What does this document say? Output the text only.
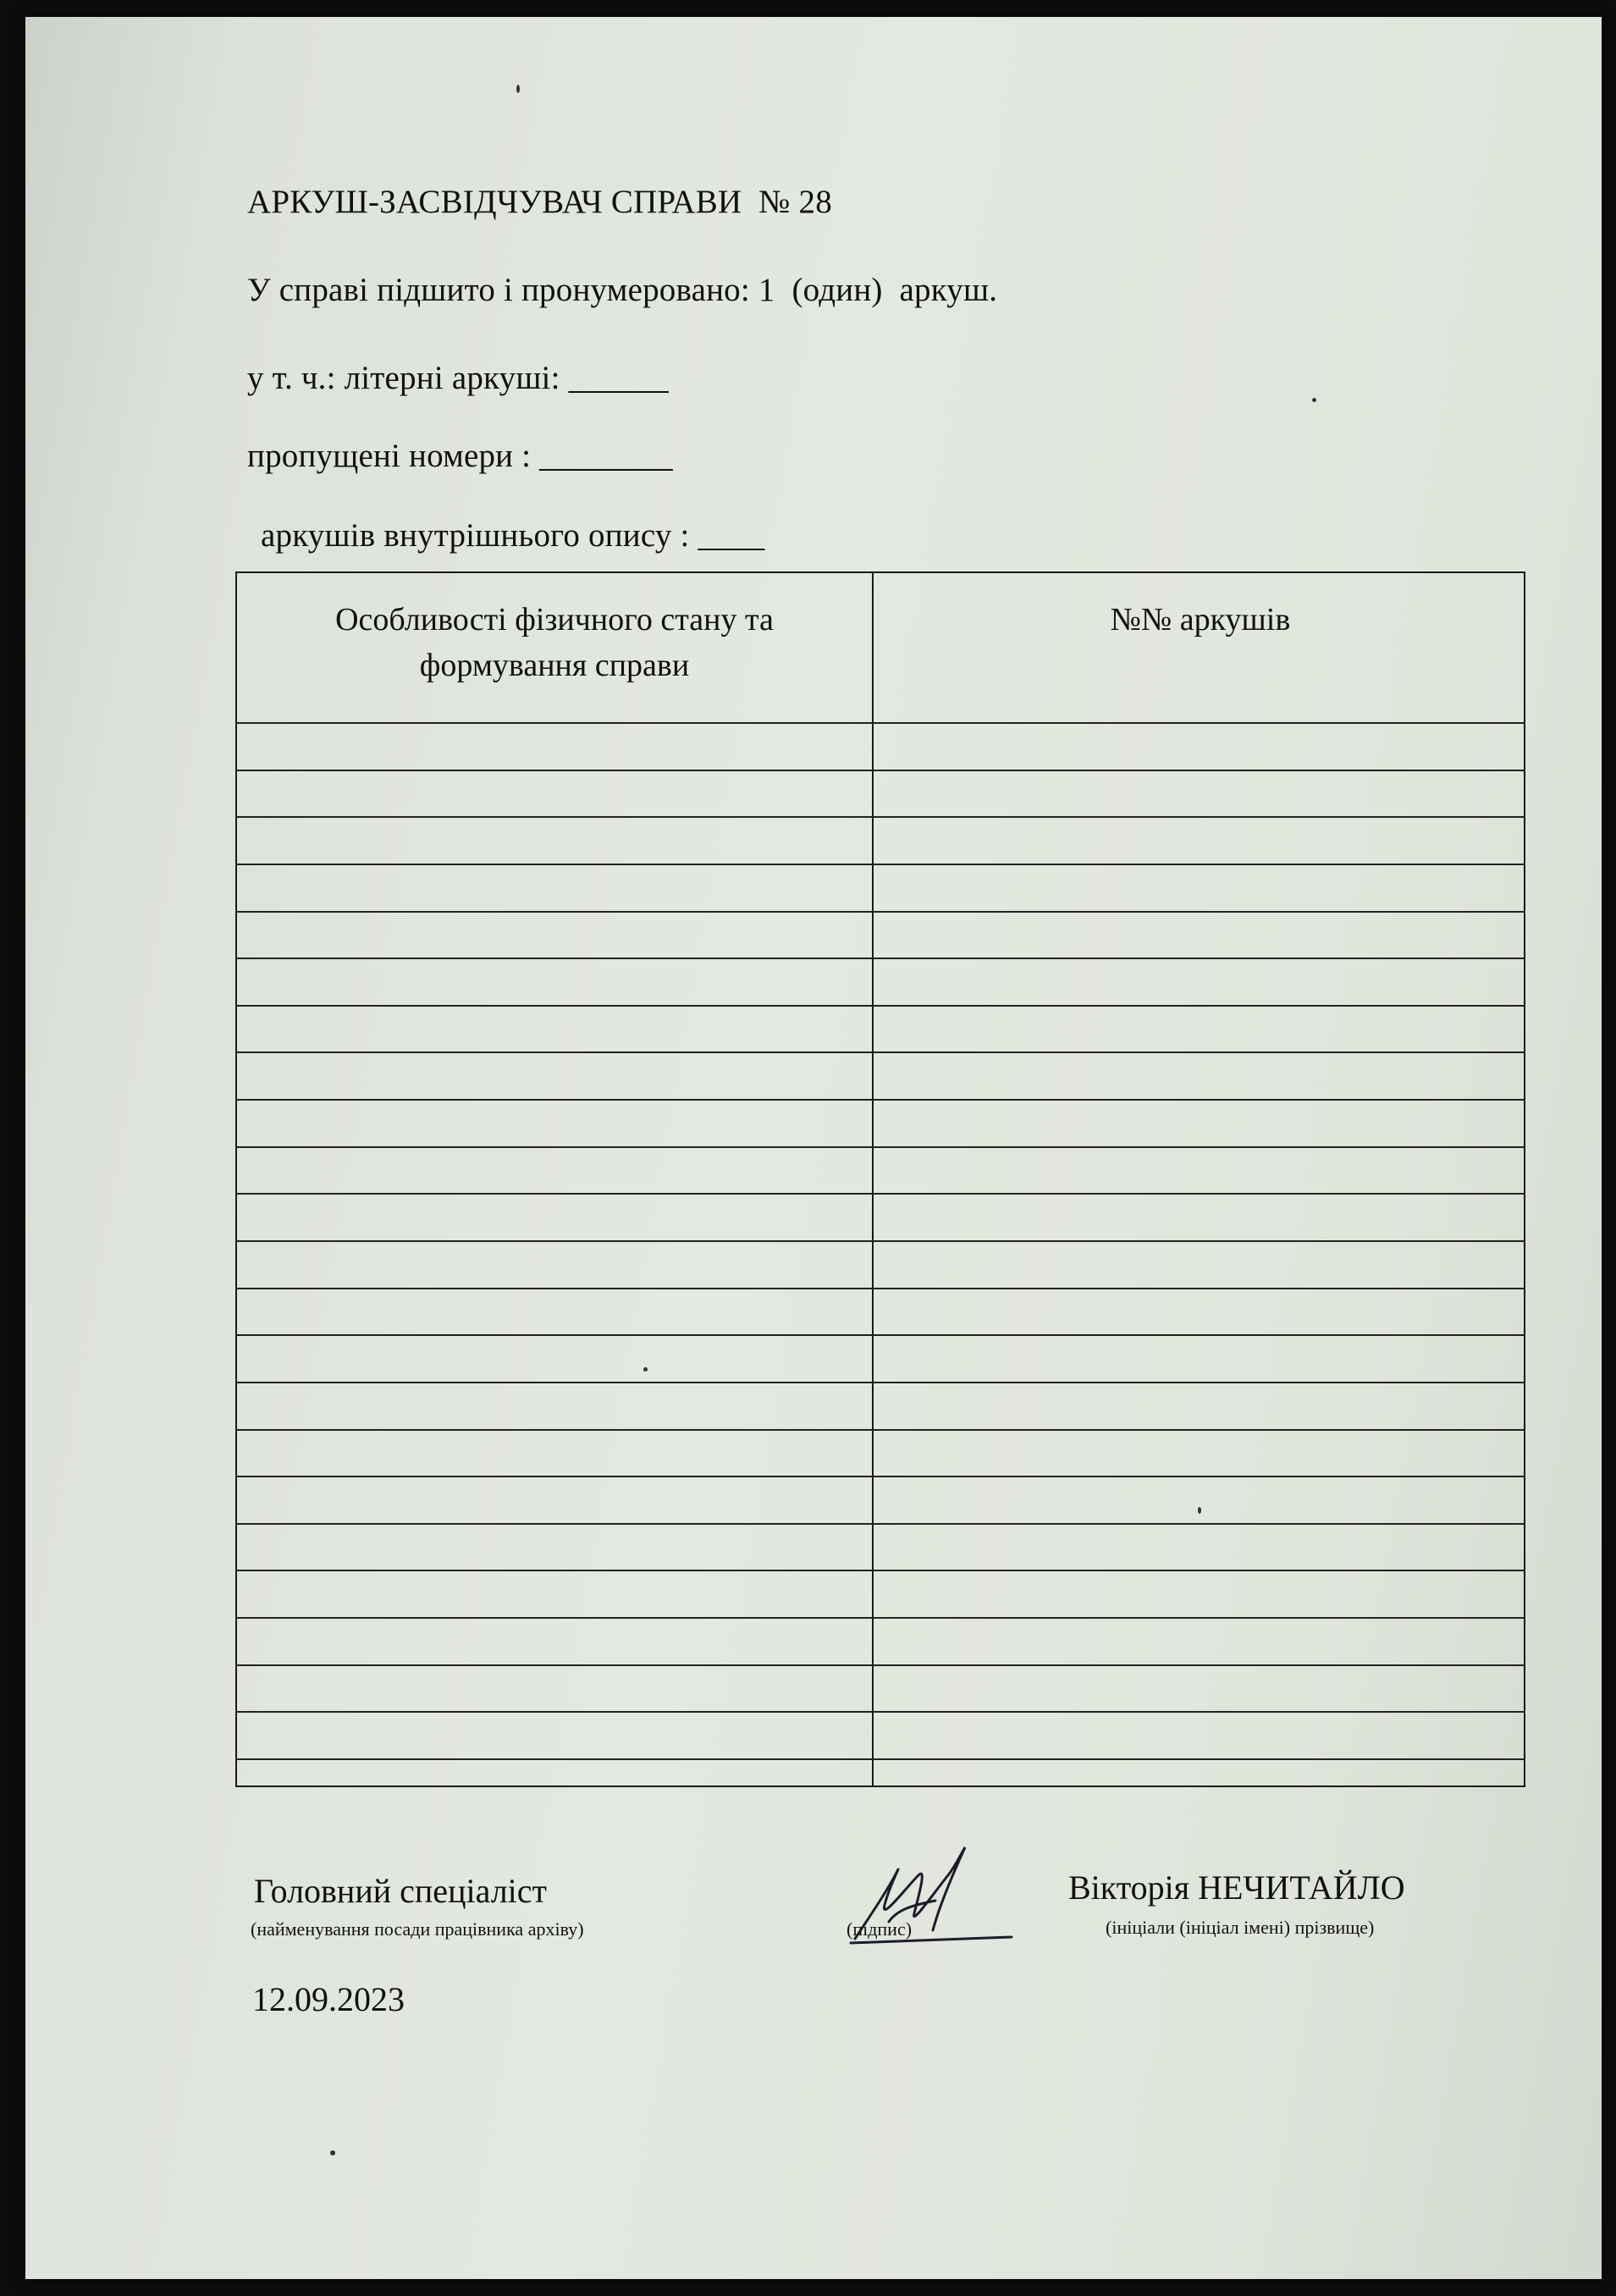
АРКУШ-ЗАСВІДЧУВАЧ СПРАВИ  № 28
У справі підшито і пронумеровано: 1  (один)  аркуш.
у т. ч.: літерні аркуші: ______
пропущені номери : ________
аркушів внутрішнього опису : ____
Особливості фізичного стану та
формування справи
№№ аркушів
Головний спеціаліст
(найменування посади працівника архіву)	(підпис)
Вікторія НЕЧИТАЙЛО
(ініціали (ініціал імені) прізвище)
12.09.2023
